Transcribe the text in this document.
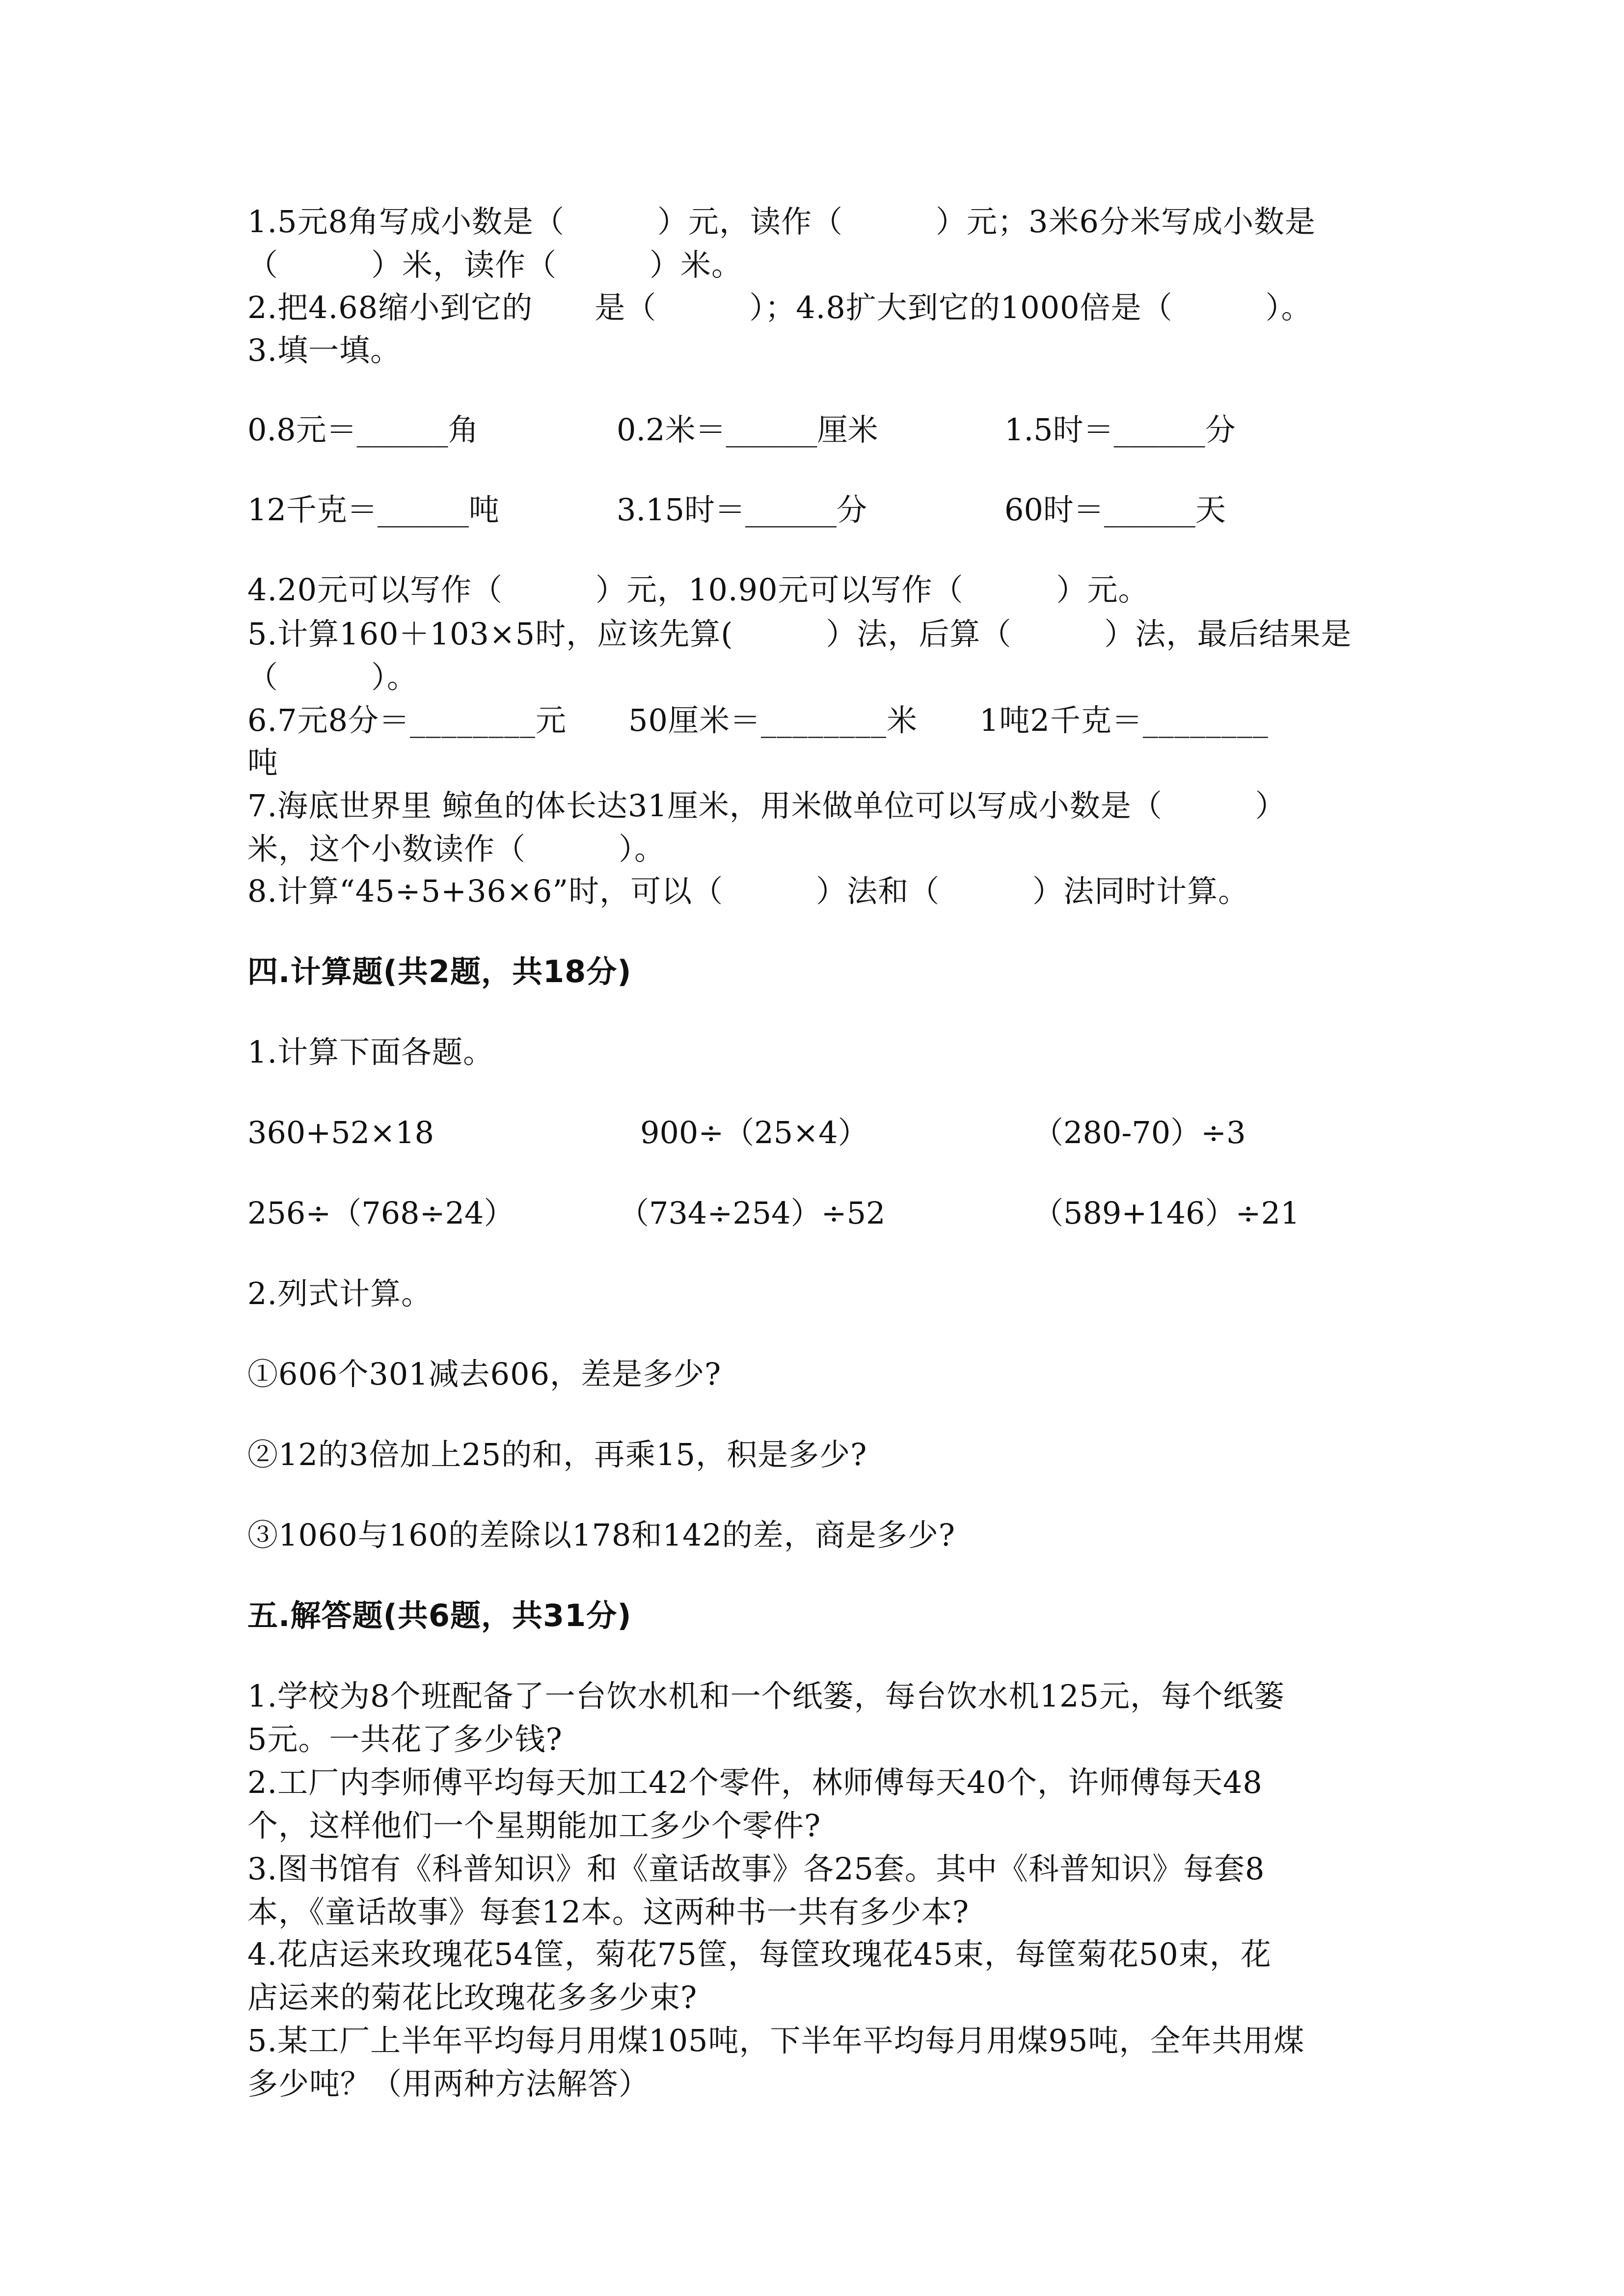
1.5元8角写成小数是（　　　）元，读作（　　　）元；3米6分米写成小数是
（　　　）米，读作（　　　）米。
2.把4.68缩小到它的　　是（　　　）；4.8扩大到它的1000倍是（　　　）。
3.填一填。
0.8元＝______角	0.2米＝______厘米	1.5时＝______分
12千克＝______吨	3.15时＝______分	60时＝______天
4.20元可以写作（　　　）元，10.90元可以写作（　　　）元。
5.计算160＋103×5时，应该先算(　　　）法，后算（　　　）法，最后结果是
（　　　）。
6.7元8分＝________元　　50厘米＝________米　　1吨2千克＝________
吨
7.海底世界里 鲸鱼的体长达31厘米，用米做单位可以写成小数是（　　　）
米，这个小数读作（　　　）。
8.计算“45÷5+36×6”时，可以（　　　）法和（　　　）法同时计算。
四.计算题(共2题，共18分)
1.计算下面各题。
360+52×18	900÷（25×4）	（280-70）÷3
256÷（768÷24）	（734÷254）÷52	（589+146）÷21
2.列式计算。
①606个301减去606，差是多少?
②12的3倍加上25的和，再乘15，积是多少?
③1060与160的差除以178和142的差，商是多少?
五.解答题(共6题，共31分)
1.学校为8个班配备了一台饮水机和一个纸篓，每台饮水机125元，每个纸篓
5元。一共花了多少钱?
2.工厂内李师傅平均每天加工42个零件，林师傅每天40个，许师傅每天48
个，这样他们一个星期能加工多少个零件?
3.图书馆有《科普知识》和《童话故事》各25套。其中《科普知识》每套8
本，《童话故事》每套12本。这两种书一共有多少本?
4.花店运来玫瑰花54筐，菊花75筐，每筐玫瑰花45束，每筐菊花50束，花
店运来的菊花比玫瑰花多多少束?
5.某工厂上半年平均每月用煤105吨，下半年平均每月用煤95吨，全年共用煤
多少吨？（用两种方法解答）
